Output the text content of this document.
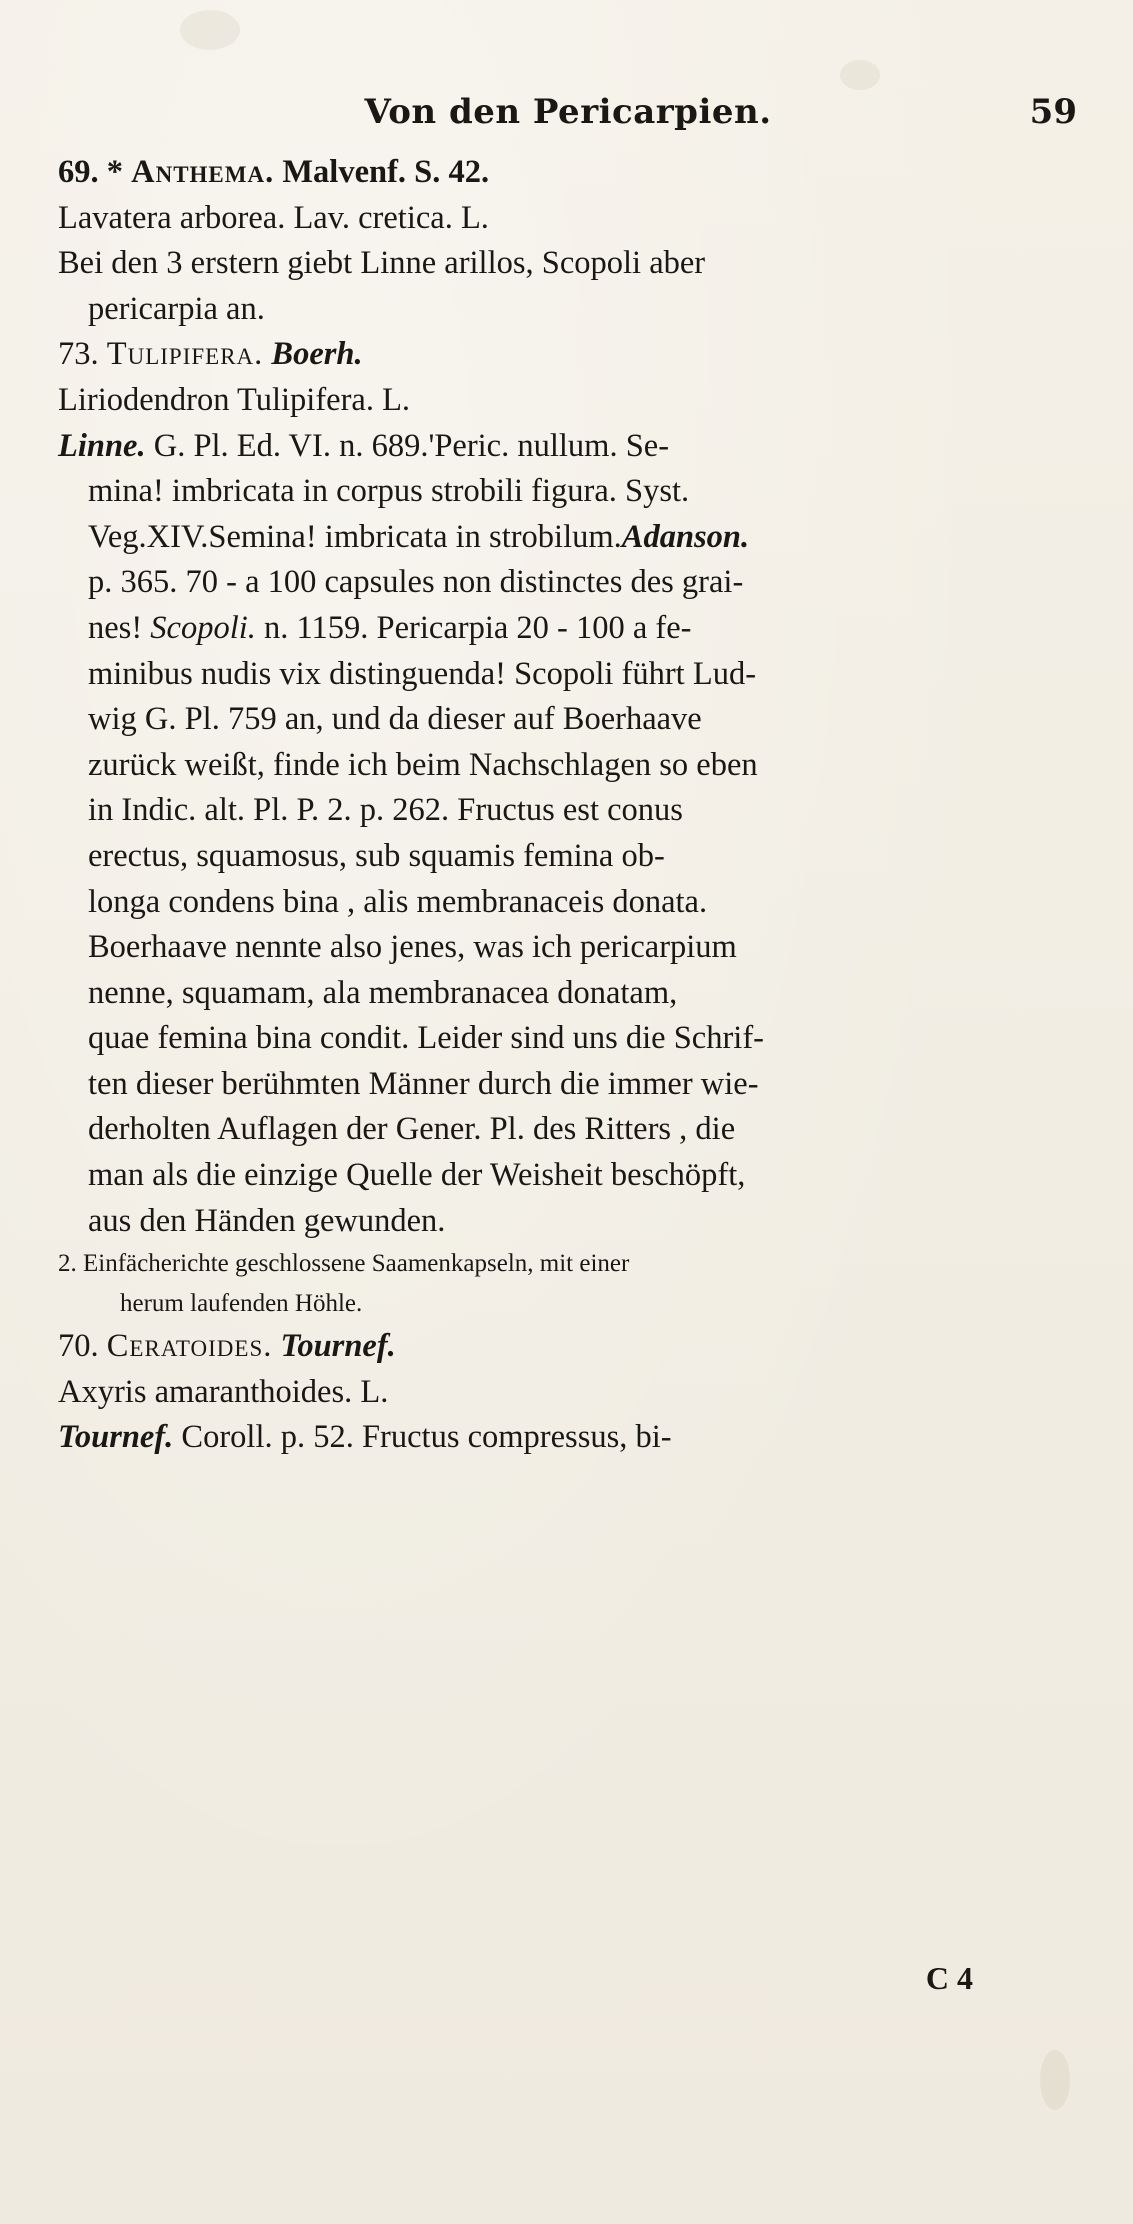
Von den Pericarpien.	59
69. * Anthema. Malvenf. S. 42.
Lavatera arborea. Lav. cretica. L.
Bei den 3 erstern giebt Linne arillos, Scopoli aber
pericarpia an.
73. Tulipifera. Boerh.
Liriodendron Tulipifera. L.
Linne. G. Pl. Ed. VI. n. 689.'Peric. nullum. Se-
mina! imbricata in corpus strobili figura. Syst.
Veg.XIV.Semina! imbricata in strobilum.Adanson.
p. 365. 70 - a 100 capsules non distinctes des grai-
nes! Scopoli. n. 1159. Pericarpia 20 - 100 a fe-
minibus nudis vix distinguenda! Scopoli führt Lud-
wig G. Pl. 759 an, und da dieser auf Boerhaave
zurück weißt, finde ich beim Nachschlagen so eben
in Indic. alt. Pl. P. 2. p. 262. Fructus est conus
erectus, squamosus, sub squamis femina ob-
longa condens bina , alis membranaceis donata.
Boerhaave nennte also jenes, was ich pericarpium
nenne, squamam, ala membranacea donatam,
quae femina bina condit. Leider sind uns die Schrif-
ten dieser berühmten Männer durch die immer wie-
derholten Auflagen der Gener. Pl. des Ritters , die
man als die einzige Quelle der Weisheit beschöpft,
aus den Händen gewunden.
2. Einfächerichte geschlossene Saamenkapseln, mit einer
herum laufenden Höhle.
70. Ceratoides. Tournef.
Axyris amaranthoides. L.
Tournef. Coroll. p. 52. Fructus compressus, bi-
C 4
